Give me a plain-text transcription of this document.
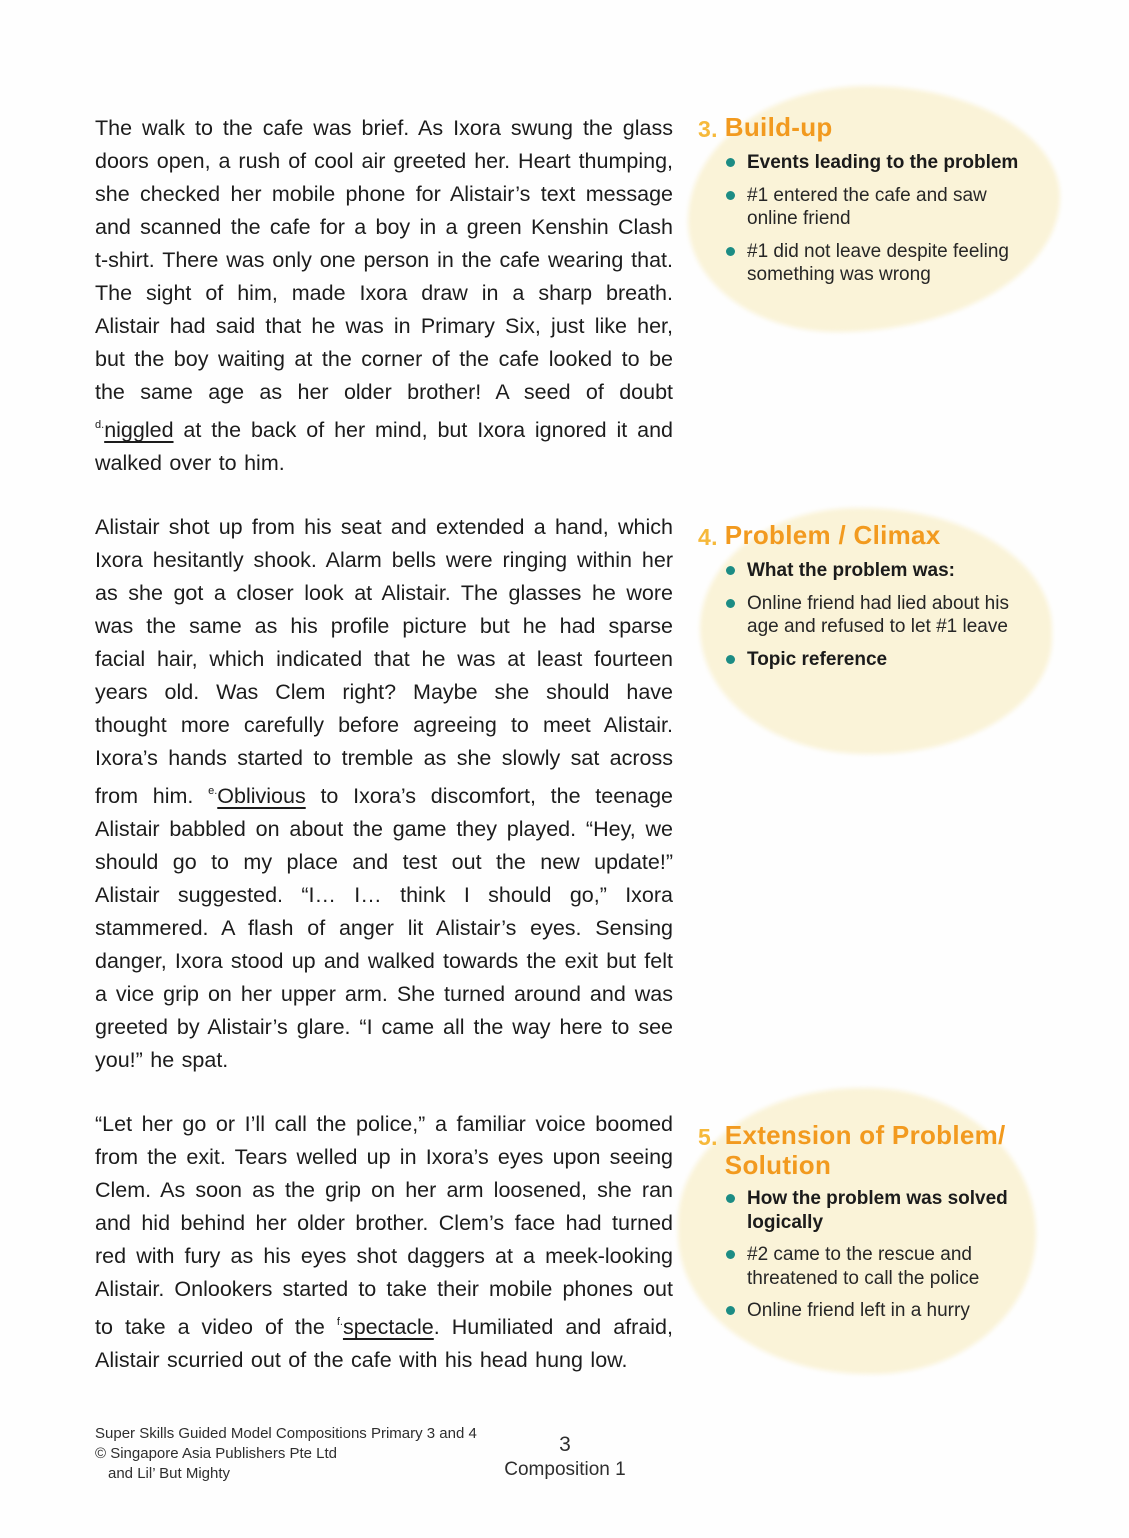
The walk to the cafe was brief. As Ixora swung the glass doors open, a rush of cool air greeted her. Heart thumping, she checked her mobile phone for Alistair’s text message and scanned the cafe for a boy in a green Kenshin Clash t-shirt. There was only one person in the cafe wearing that. The sight of him, made Ixora draw in a sharp breath. Alistair had said that he was in Primary Six, just like her, but the boy waiting at the corner of the cafe looked to be the same age as her older brother! A seed of doubt $^{d.}$niggled at the back of her mind, but Ixora ignored it and walked over to him.

Alistair shot up from his seat and extended a hand, which Ixora hesitantly shook. Alarm bells were ringing within her as she got a closer look at Alistair. The glasses he wore was the same as his profile picture but he had sparse facial hair, which indicated that he was at least fourteen years old. Was Clem right? Maybe she should have thought more carefully before agreeing to meet Alistair. Ixora’s hands started to tremble as she slowly sat across from him. $^{e.}$Oblivious to Ixora’s discomfort, the teenage Alistair babbled on about the game they played. “Hey, we should go to my place and test out the new update!” Alistair suggested. “I… I… think I should go,” Ixora stammered. A flash of anger lit Alistair’s eyes. Sensing danger, Ixora stood up and walked towards the exit but felt a vice grip on her upper arm. She turned around and was greeted by Alistair’s glare. “I came all the way here to see you!” he spat.

“Let her go or I’ll call the police,” a familiar voice boomed from the exit. Tears welled up in Ixora’s eyes upon seeing Clem. As soon as the grip on her arm loosened, she ran and hid behind her older brother. Clem’s face had turned red with fury as his eyes shot daggers at a meek-looking Alistair. Onlookers started to take their mobile phones out to take a video of the $^{f.}$spectacle. Humiliated and afraid, Alistair scurried out of the cafe with his head hung low.

3. Build-up
Events leading to the problem
#1 entered the cafe and saw online friend
#1 did not leave despite feeling something was wrong
4. Problem / Climax
What the problem was:
Online friend had lied about his age and refused to let #1 leave
Topic reference
5. Extension of Problem/ Solution
How the problem was solved logically
#2 came to the rescue and threatened to call the police
Online friend left in a hurry
Super Skills Guided Model Compositions Primary 3 and 4
© Singapore Asia Publishers Pte Ltd
and Lil’ But Mighty
3
Composition 1
